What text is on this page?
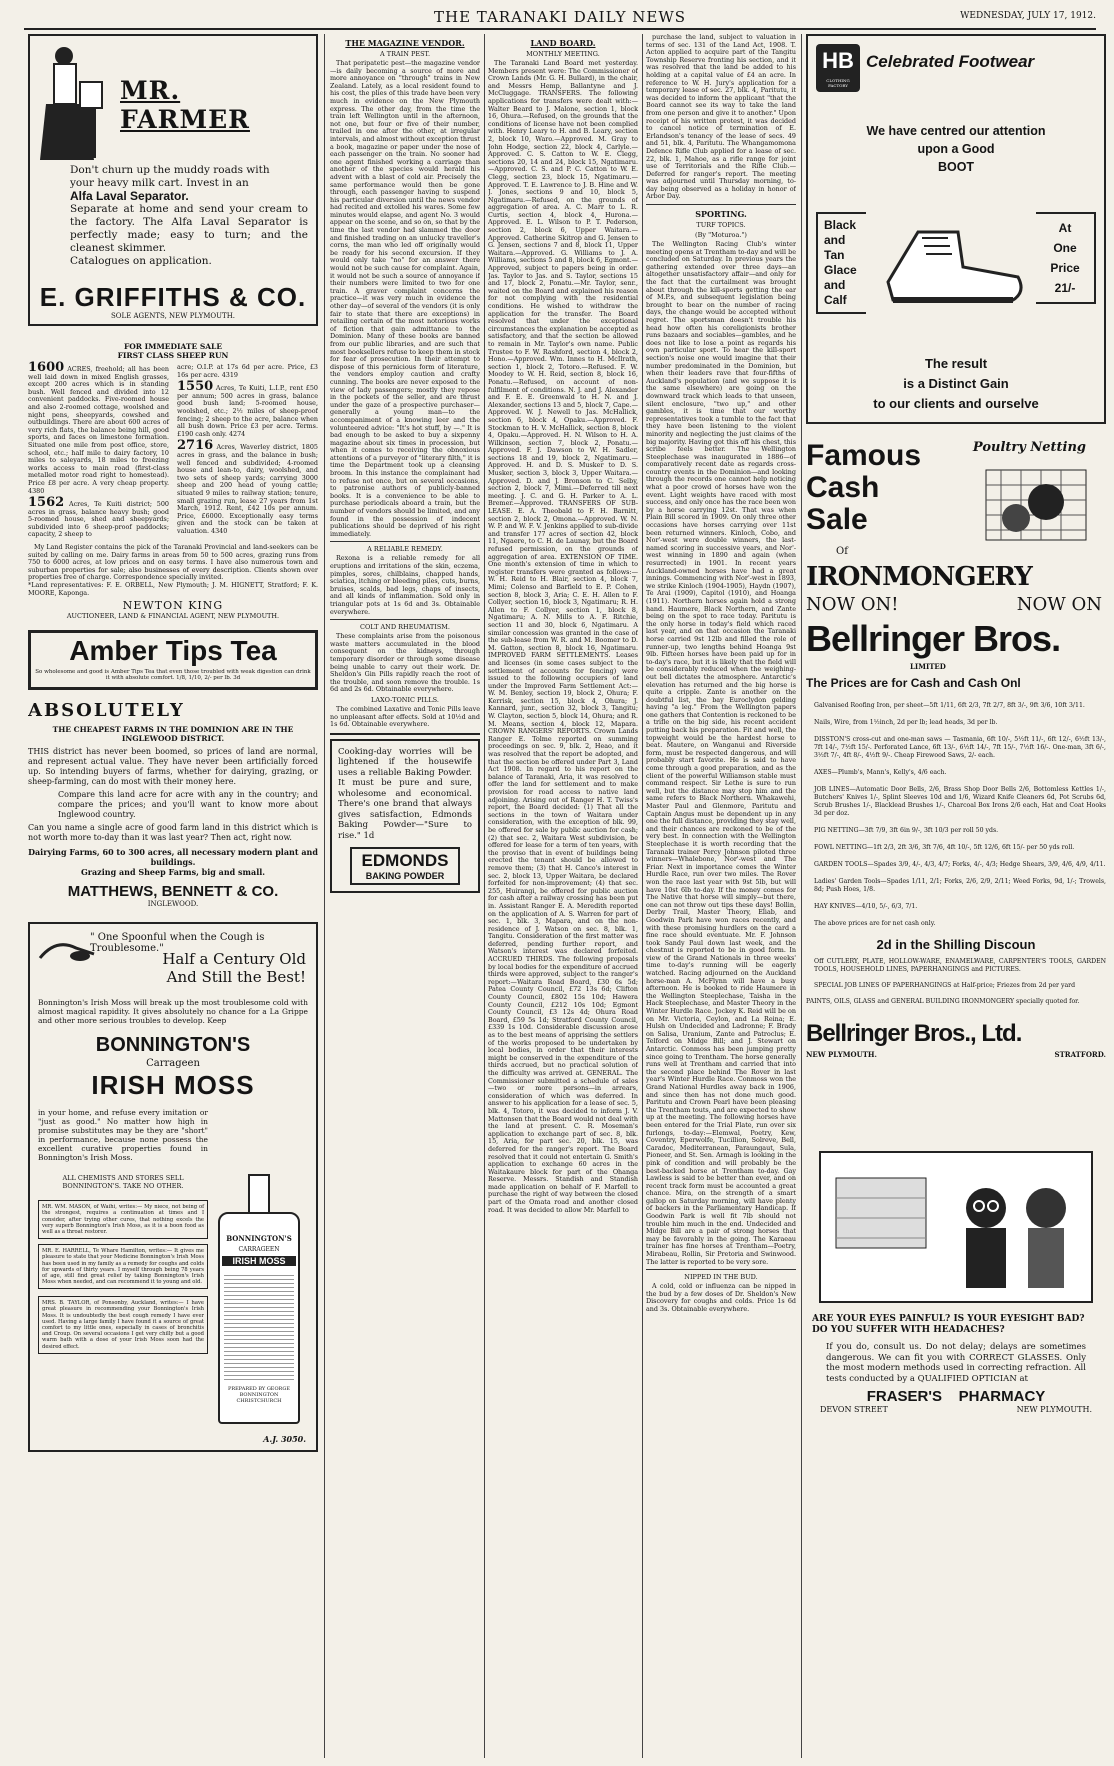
THE TARANAKI DAILY NEWS	WEDNESDAY, JULY 17, 1912.
MR. FARMER
Don't churn up the muddy roads with
your heavy milk cart. Invest in an
Alfa Laval Separator.
Separate at home and send your cream to the factory. The Alfa Laval Separator is perfectly made; easy to turn; and the cleanest skimmer.
Catalogues on application.
E. GRIFFITHS & CO.
SOLE AGENTS, NEW PLYMOUTH.
FOR IMMEDIATE SALE
FIRST CLASS SHEEP RUN
1600 ACRES, freehold; all has been well laid down in mixed English grasses, except 200 acres which is in standing bush. Well fenced and divided into 12 convenient paddocks. Five-roomed house and also 2-roomed cottage, woolshed and night pens, sheepyards, cowshed and outbuildings. There are about 600 acres of very rich flats, the balance being hill, good sports, and faces on limestone formation. Situated one mile from post office, store, school, etc.; half mile to dairy factory, 10 miles to saleyards, 18 miles to freezing works access to main road (first-class metalled motor road right to homestead). Price £8 per acre. A very cheap property. 4380
1562 Acres, Te Kuiti district; 500 acres in grass, balance heavy bush; good 5-roomed house, shed and sheepyards; subdivided into 6 sheep-proof paddocks; capacity, 2 sheep to
acre; O.I.P. at 17s 6d per acre. Price, £3 16s per acre. 4319
1550 Acres, Te Kuiti, L.I.P., rent £50 per annum; 500 acres in grass, balance good bush land; 5-roomed house, woolshed, etc.; 2½ miles of sheep-proof fencing; 2 sheep to the acre, balance when all bush down. Price £3 per acre. Terms. £190 cash only. 4274
2716 Acres, Waverley district, 1805 acres in grass, and the balance in bush; well fenced and subdivided; 4-roomed house and lean-to, dairy, woolshed, and two sets of sheep yards; carrying 3000 sheep and 200 head of young cattle; situated 9 miles to railway station; tenure, small grazing run, lease 27 years from 1st March, 1912. Rent, £42 10s per annum. Price, £6000. Exceptionally easy terms given and the stock can be taken at valuation. 4340
My Land Register contains the pick of the Taranaki Provincial and land-seekers can be suited by calling on me. Dairy farms in areas from 50 to 500 acres, grazing runs from 750 to 6000 acres, at low prices and on easy terms. I have also numerous town and suburban properties for sale; also businesses of every description. Clients shown over properties free of charge. Correspondence specially invited.
*Land representatives: F. E. ORBELL, New Plymouth; J. M. HIGNETT, Stratford; F. K. MOORE, Kaponga.
NEWTON KING
AUCTIONEER, LAND & FINANCIAL AGENT, NEW PLYMOUTH.
Amber Tips Tea
So wholesome and good is Amber Tips Tea that even those troubled with weak digestion can drink it with absolute comfort. 1/8, 1/10, 2/- per lb. 3d
ABSOLUTELY
THE CHEAPEST FARMS IN THE DOMINION ARE IN THE INGLEWOOD DISTRICT.
THIS district has never been boomed, so prices of land are normal, and represent actual value. They have never been artificially forced up. So intending buyers of farms, whether for dairying, grazing, or sheep-farming, can do most with their money here.
Compare this land acre for acre with any in the country; and compare the prices; and you'll want to know more about Inglewood country.
Can you name a single acre of good farm land in this district which is not worth more to-day than it was last year? Then act, right now.
Dairying Farms, 60 to 300 acres, all necessary modern plant and buildings.
Grazing and Sheep Farms, big and small.
MATTHEWS, BENNETT & CO.
INGLEWOOD.
" One Spoonful when the Cough is Troublesome."
Half a Century Old
And Still the Best!
Bonnington's Irish Moss will break up the most troublesome cold with almost magical rapidity. It gives absolutely no chance for a La Grippe and other more serious troubles to develop. Keep
BONNINGTON'S
Carrageen
IRISH MOSS
in your home, and refuse every imitation or "just as good." No matter how high in promise substitutes may be they are "short" in performance, because none possess the excellent curative properties found in Bonnington's Irish Moss.
ALL CHEMISTS AND STORES SELL BONNINGTON'S. TAKE NO OTHER.
MR. WM. MASON, of Waihi, writes:— My niece, not being of the strongest, requires a continuation at times and I consider, after trying other cures, that nothing excels the very superb Bonnington's Irish Moss, as it is a boon food as well as a throat restorer.
MR. E. HARRELL, Te Whare Hamilton, writes:— It gives me pleasure to state that your Medicine Bonnington's Irish Moss has been used in my family as a remedy for coughs and colds for upwards of thirty years. I myself through being 78 years of age, still find great relief by taking Bonnington's Irish Moss when needed, and can recommend it to young and old.
MRS. B. TAYLOR, of Ponsonby, Auckland, writes:— I have great pleasure in recommending your Bonnington's Irish Moss. It is undoubtedly the best cough remedy I have ever used. Having a large family I have found it a source of great comfort to my little ones, especially in cases of bronchitis and Croup. On several occasions I get very chilly but a good warm bath with a dose of your Irish Moss soon had the desired effect.
BONNINGTON'S
CARRAGEEN
IRISH MOSS
PREPARED BY GEORGE BONNINGTON CHRISTCHURCH
A.J. 3050.
THE MAGAZINE VENDOR.
A TRAIN PEST.
That peripatetic pest—the magazine vendor—is daily becoming a source of more and more annoyance on "through" trains in New Zealand. Lately, as a local resident found to his cost, the plies of this trade have been very much in evidence on the New Plymouth express. The other day, from the time the train left Wellington until in the afternoon, not one, but four or five of their number, trailed in one after the other, at irregular intervals, and almost without exception thrust a book, magazine or paper under the nose of each passenger on the train. No sooner had one agent finished working a carriage than another of the species would herald his advent with a blast of cold air. Precisely the same performance would then be gone through, each passenger having to suspend his particular diversion until the news vendor had recited and extolled his wares. Some few minutes would elapse, and agent No. 3 would appear on the scene, and so on, so that by the time the last vendor had slammed the door and finished trading on an unlucky traveller's corns, the man who led off originally would be ready for his second excursion. If they would only take "no" for an answer there would not be such cause for complaint. Again, it would not be such a source of annoyance if their numbers were limited to two for one train. A graver complaint concerns the practice—it was very much in evidence the other day—of several of the vendors (it is only fair to state that there are exceptions) in retailing certain of the most notorious works of fiction that gain admittance to the Dominion. Many of these books are banned from our public libraries, and are such that most booksellers refuse to keep them in stock for fear of prosecution. In their attempt to dispose of this pernicious form of literature, the vendors employ caution and crafty cunning. The books are never exposed to the view of lady passengers; mostly they repose in the pockets of the seller, and are thrust under the gaze of a prospective purchaser—generally a young man—to the accompaniment of a knowing leer and the volunteered advice: "It's hot stuff, by —." It is bad enough to be asked to buy a sixpenny magazine about six times in procession, but when it comes to receiving the obnoxious attentions of a purveyor of "literary filth," it is time the Department took up a cleansing broom. In this instance the complainant had to refuse not once, but on several occasions, to patronise authors of publicly-banned books. It is a convenience to be able to purchase periodicals aboard a train, but the number of vendors should be limited, and any found in the possession of indecent publications should be deprived of his right immediately.
A RELIABLE REMEDY.
Rexona is a reliable remedy for all eruptions and irritations of the skin, eczema, pimples, sores, chilblains, chapped hands, sciatica, itching or bleeding piles, cuts, burns, bruises, scalds, bad legs, chaps of insects, and all kinds of inflammation. Sold only in triangular pots at 1s 6d and 3s. Obtainable everywhere.
COLT AND RHEUMATISM.
These complaints arise from the poisonous waste matters accumulated in the blood consequent on the kidneys, through temporary disorder or through some disease being unable to carry out their work. Dr. Sheldon's Gin Pills rapidly reach the root of the trouble, and soon remove the trouble. 1s 6d and 2s 6d. Obtainable everywhere.
LAXO-TONIC PILLS.
The combined Laxative and Tonic Pills leave no unpleasant after effects. Sold at 10½d and 1s 6d. Obtainable everywhere.
Cooking-day worries will be lightened if the housewife uses a reliable Baking Powder. It must be pure and sure, wholesome and economical. There's one brand that always gives satisfaction, Edmonds Baking Powder—"Sure to rise." 1d
EDMONDS
BAKING POWDER
LAND BOARD.
MONTHLY MEETING.
The Taranaki Land Board met yesterday. Members present were: The Commissioner of Crown Lands (Mr. G. H. Bullard), in the chair, and Messrs Hemp, Ballantyne and J. McCluggage. TRANSFERS. The following applications for transfers were dealt with:— Walter Beard to J. Malone, section 1, block 16, Ohura.—Refused, on the grounds that the conditions of license have not been complied with. Henry Leary to H. and B. Leary, section 2, block 10, Waro.—Approved. M. Gray to John Hodge, section 22, block 4, Carlyle.—Approved. C. S. Catton to W. E. Clegg, sections 20, 14 and 24, block 15, Ngatimaru.—Approved. C. S. and P. C. Catton to W. E. Clegg, section 23, block 15, Ngatimaru.—Approved. T. E. Lawrence to J. B. Hine and W. J. Jones, sections 9 and 10, block 5, Ngatimaru.—Refused, on the grounds of aggregation of area. A. C. Marr to L. R. Curtis, section 4, block 4, Hurona.—Approved. E. L. Wilson to P. T. Pederson, section 2, block 6, Upper Waitara.—Approved. Catherine Skitrop and G. Jensen to G. Jensen, sections 7 and 8, block 11, Upper Waitara.—Approved. G. Williams to J. A. Williams, sections 5 and 8, block 6, Egmont.—Approved, subject to papers being in order. Jas. Taylor to Jas. and S. Taylor, sections 15 and 17, block 2, Ponatu.—Mr. Taylor, senr., waited on the Board and explained his reason for not complying with the residential conditions. He wished to withdraw the application for the transfer. The Board resolved that under the exceptional circumstances the explanation be accepted as satisfactory, and that the section be allowed to remain in Mr. Taylor's own name. Public Trustee to F. W. Rashford, section 4, block 2, Hono.—Approved. Wm. Innes to H. McIlrath, section 1, block 2, Totoro.—Refused. F. W. Moodey to W. H. Reid, section 8, block 16, Ponatu.—Refused, on account of non-fulfilment of conditions. N. J. and J. Alexander and F. E. E. Greenwald to H. N. and J. Alexander, sections 13 and 5, block 7, Cape.—Approved. W. J. Newell to Jas. McHallick, section 6, block 4, Opaku.—Approved. F. Stockman to H. V. McHallick, section 8, block 4, Opaku.—Approved. H. N. Wilson to H. A. Wilkinson, section 7, block 2, Ponatu.—Approved. F. J. Dawson to W. H. Sadler, sections 18 and 19, block 2, Ngatimaru.—Approved. H. and D. S. Musker to D. S. Musker, section 3, block 3, Upper Waitara.—Approved. D. and J. Bronson to C. Selby, section 2, block 7, Mimi.—Deferred till next meeting. J. C. and G. H. Parker to A. L. Bremer.—Approved. TRANSFERS OF SUB-LEASE. E. A. Theobald to F. H. Barnitt, section 2, block 2, Omona.—Approved. W. N. W. P. and W. F. V. Jenkins applied to sub-divide and transfer 177 acres of section 42, block 11, Ngaere, to C. H. de Launay, but the Board refused permission, on the grounds of aggregation of area. EXTENSION OF TIME. One month's extension of time in which to register transfers were granted as follows:—W. H. Reid to H. Blair, section 4, block 7, Mimi; Colenso and Barfield to E. P. Cohen, section 8, block 3, Aria; C. E. H. Allen to F. Collyer, section 16, block 3, Ngatimaru; R. H. Allen to F. Collyer, section 1, block 8, Ngatimaru; A. N. Mills to A. F. Ritchie, section 11 and 30, block 6, Ngatimaru. A similar concession was granted in the case of the sub-lease from W. R. and M. Boomer to D. M. Gatton, section 8, block 16, Ngatimaru. IMPROVED FARM SETTLEMENTS. Leases and licenses (in some cases subject to the settlement of accounts for fencing) were issued to the following occupiers of land under the Improved Farm Settlement Act:—W. M. Benley, section 19, block 2, Ohura; F. Kerrisk, section 15, block 4, Ohura; J. Kannard, junr., section 32, block 3, Tangitu; W. Clayton, section 5, block 14, Ohura; and R. M. Means, section 4, block 12, Mapara. CROWN RANGERS' REPORTS. Crown Lands Ranger E. Tolme reported on summing proceedings on sec. 9, blk. 2, Heao, and it was resolved that the report be adopted, and that the section be offered under Part 3, Land Act 1908. In regard to his report on the balance of Taranaki, Aria, it was resolved to offer the land for settlement and to make provision for road access to native land adjoining. Arising out of Ranger H. T. Twiss's report, the Board decided: (1) That all the sections in the town of Waitara under consideration, with the exception of blk. 99, be offered for sale by public auction for cash; (2) that sec. 2, Waitara West subdivision, be offered for lease for a term of ten years, with the proviso that in event of buildings being erected the tenant should be allowed to remove them; (3) that H. Canco's interest in sec. 2, block 13, Upper Waitara, be declared forfeited for non-improvement; (4) that sec. 255, Huirangi, be offered for public auction for cash after a railway crossing has been put in. Assistant Ranger E. A. Meredith reported on the application of A. S. Warren for part of sec. 1, blk. 3, Mapara, and on the non-residence of J. Watson on sec. 8, blk. 1, Tangitu. Consideration of the first matter was deferred, pending further report, and Watson's interest was declared forfeited. ACCRUED THIRDS. The following proposals by local bodies for the expenditure of accrued thirds were approved, subject to the ranger's report:—Waitara Road Board, £30 6s 5d; Patea County Council, £72 13s 6d; Clifton County Council, £802 15s 10d; Hawera County Council, £212 10s 10d; Egmont County Council, £3 12s 4d; Ohura Road Board, £59 5s 1d; Stratford County Council, £339 1s 10d. Considerable discussion arose as to the best means of apprising the settlers of the works proposed to be undertaken by local bodies, in order that their interests might be conserved in the expenditure of the thirds accrued, but no practical solution of the difficulty was arrived at. GENERAL. The Commissioner submitted a schedule of sales—two or more persons—in arrears, consideration of which was deferred. In answer to his application for a lease of sec. 5, blk. 4, Totoro, it was decided to inform J. V. Mattonsen that the Board would not deal with the land at present. C. R. Moseman's application to exchange part of sec. 8, blk. 15, Aria, for part sec. 20, blk. 15, was deferred for the ranger's report. The Board resolved that it could not entertain G. Smith's application to exchange 60 acres in the Waitakaure block for part of the Ohanga Reserve. Messrs. Standish and Standish made application on behalf of F. Marfell to purchase the right of way between the closed part of the Omata road and another closed road. It was decided to allow Mr. Marfell to
purchase the land, subject to valuation in terms of sec. 131 of the Land Act, 1908. T. Acton applied to acquire part of the Tangitu Township Reserve fronting his section, and it was resolved that the land be added to his holding at a capital value of £4 an acre. In reference to W. H. Jury's application for a temporary lease of sec. 27, blk. 4, Paritutu, it was decided to inform the applicant "that the Board cannot see its way to take the land from one person and give it to another." Upon receipt of his written protest, it was decided to cancel notice of termination of E. Erlandson's tenancy of the lease of secs. 49 and 51, blk. 4, Paritutu. The Whangamomona Defence Rifle Club applied for a lease of sec. 22, blk. 1, Mahoe, as a rifle range for joint use of Territorials and the Rifle Club.—Deferred for ranger's report. The meeting was adjourned until Thursday morning, to-day being observed as a holiday in honor of Arbor Day.
SPORTING.
TURF TOPICS.
(By "Moturoa.")
The Wellington Racing Club's winter meeting opens at Trentham to-day and will be concluded on Saturday. In previous years the gathering extended over three days—an altogether unsatisfactory affair—and only for the fact that the curtailment was brought about through the kill-sports getting the ear of M.P.s, and subsequent legislation being brought to bear on the number of racing days, the change would be accepted without regret. The sportsman doesn't trouble his head how often his coreligionists brother runs bazaars and sociables—gambles, and he does not like to lose a point as regards his own particular sport. To hear the kill-sport section's noise one would imagine that their number predominated in the Dominion, but when their leaders rave that four-fifths of Auckland's population (and we suppose it is the same elsewhere) are going on the downward track which leads to that unseen, silent enclosure, "two up," and other gambles, it is time that our worthy representatives took a tumble to the fact that they have been listening to the violent minority and neglecting the just claims of the big majority. Having got this off his chest, this scribe feels better. The Wellington Steeplechase was inaugurated in 1886—of comparatively recent date as regards cross-country events in the Dominion—and looking through the records one cannot help noticing what a poor crowd of horses have won the event. Light weights have raced with most success, and only once has the race been won by a horse carrying 12st. That was when Plain Bill scored in 1909. On only three other occasions have horses carrying over 11st been returned winners. Kinloch, Cobo, and Nor'-west were double winners, the last-named scoring in successive years, and Nor'-west winning in 1890 and again (when resurrected) in 1901. In recent years Auckland-owned horses have had a great innings. Commencing with Nor'-west in 1893, we strike Kinloch (1904-1905), Haydn (1907), Te Arai (1909), Capitol (1910), and Hoanga (1911). Northern horses again hold a strong hand. Haumere, Black Northern, and Zante being on the spot to race today. Paritutu is the only horse in today's field which raced last year, and on that occasion the Taranaki horse carried 9st 12lb and filled the role of runner-up, two lengths behind Hoanga 9st 9lb. Fifteen horses have been paid up for in to-day's race, but it is likely that the field will be considerably reduced when the weighing-out bell dictates the atmosphere. Antarctic's elevation has returned and the big horse is quite a cripple. Zante is another on the doubtful list, the bay Euroclydon gelding having "a leg." From the Wellington papers one gathers that Contention is reckoned to be a trifle on the big side, his recent accident putting back his preparation. Fit and well, the topweight would be the hardest horse to beat. Mautere, on Wanganui and Riverside form, must be respected dangerous, and will probably start favorite. He is said to have come through a good preparation, and as the client of the powerful Williamson stable must command respect. Sir Lethe is sure to run well, but the distance may stop him and the same refers to Black Northern. Whakawehi, Master Paul and Glenmore, Paritutu and Captain Angus must be dependent up in any one the full distance, providing they stay well, and their chances are reckoned to be of the very best. In connection with the Wellington Steeplechase it is worth recording that the Taranaki trainer Percy Johnson piloted three winners—Whalebone, Nor'-west and The Friar. Next in importance comes the Winter Hurdle Race, run over two miles. The Rover won the race last year with 9st 5lb, but will have 10st 6lb to-day. If the money comes for The Native that horse will simply—but there, one can not throw out tips these days! Bollin, Derby Trail, Master Theory, Eliab, and Goodwin Park have won races recently, and with these promising hurdlers on the card a fine race should eventuate. Mr. F. Johnson took Sandy Paul down last week, and the chestnut is reported to be in good form. In view of the Grand Nationals in three weeks' time to-day's running will be eagerly watched. Racing adjourned on the Auckland horse-man A. McFlynn will have a busy afternoon. He is booked to ride Haumere in the Wellington Steeplechase, Taisha in the Hack Steeplechase, and Master Theory in the Winter Hurdle Race. Jockey K. Reid will be on on Mr. Victoria, Ceylon, and La Reina; E. Hulsh on Undecided and Ladronne; F. Brady on Salisa, Uranium, Zante and Patroclus; E. Telford on Midge Bill; and J. Stewart on Antarctic. Conmoss has been jumping pretty since going to Trentham. The horse generally runs well at Trentham and carried that into the second place behind The Rover in last year's Winter Hurdle Race. Conmoss won the Grand National Hurdles away back in 1906, and since then has not done much good. Paritutu and Crown Pearl have been pleasing the Trentham touts, and are expected to show up at the meeting. The following horses have been entered for the Trial Plate, run over six furlongs, to-day:—Elemwal, Poetry, Kew, Coventry, Eperwolfe, Tucillion, Solreve, Bell, Caradoc, Mediterranean, Paraungaut, Sula, Pioneer, and St. Sen. Armagh is looking in the pink of condition and will probably be the best-backed horse at Trentham to-day. Gay Lawless is said to be better than ever, and on recent track form must be accounted a great chance. Mira, on the strength of a smart gallop on Saturday morning, will have plenty of backers in the Parliamentary Handicap. If Goodwin Park is well fit 7lb should not trouble him much in the end. Undecided and Midge Bill are a pair of strong horses that may be favorably in the going. The Karaeau trainer has fine horses at Trentham—Poetry, Mirabeau, Rollin, Sir Pretoria and Swinwood. The latter is reported to be very sore.
NIPPED IN THE BUD.
A cold, cold or influenza can be nipped in the bud by a few doses of Dr. Sheldon's New Discovery for coughs and colds. Price 1s 6d and 3s. Obtainable everywhere.
HB
CLOTHING FACTORY
Celebrated Footwear
We have centred our attention
upon a Good
BOOT
Black
and
Tan
Glace
and
Calf
At
One
Price
21/-
The result
is a Distinct Gain
to our clients and ourselve
Famous
Cash
Sale
Of
Poultry Netting
IRONMONGERY
NOW ON!	NOW ON
Bellringer Bros.
LIMITED
The Prices are for Cash and Cash Onl
Galvanised Roofing Iron, per sheet—5ft 1/11, 6ft 2/3, 7ft 2/7, 8ft 3/-, 9ft 3/6, 10ft 3/11.
Nails, Wire, from 1½inch, 2d per lb; lead heads, 3d per lb.
DISSTON'S cross-cut and one-man saws — Tasmania, 6ft 10/-, 5½ft 11/-, 6ft 12/-, 6½ft 13/-, 7ft 14/-, 7½ft 15/-. Perforated Lance, 6ft 13/-, 6½ft 14/-, 7ft 15/-, 7½ft 16/-. One-man, 3ft 6/-, 3½ft 7/-, 4ft 8/-, 4½ft 9/-. Cheap Firewood Saws, 2/- each.
AXES—Plumb's, Mann's, Kelly's, 4/6 each.
JOB LINES—Automatic Door Bells, 2/6, Brass Shop Door Bells 2/6, Bottomless Kettles 1/-, Butchers' Knives 1/-, Splint Sleeves 10d and 1/6, Wizard Knife Cleaners 6d, Pot Scrubs 6d, Scrub Brushes 1/-, Blacklead Brushes 1/-, Charcoal Box Irons 2/6 each, Hat and Coat Hooks 3d per doz.
PIG NETTING—3ft 7/9, 3ft 6in 9/-, 3ft 10/3 per roll 50 yds.
FOWL NETTING—1ft 2/3, 2ft 3/6, 3ft 7/6, 4ft 10/-, 5ft 12/6, 6ft 15/- per 50 yds roll.
GARDEN TOOLS—Spades 3/9, 4/-, 4/3, 4/7; Forks, 4/-, 4/3; Hedge Shears, 3/9, 4/6, 4/9, 4/11.
Ladies' Garden Tools—Spades 1/11, 2/1; Forks, 2/6, 2/9, 2/11; Weed Forks, 9d, 1/-; Trowels, 8d; Push Hoes, 1/8.
HAY KNIVES—4/10, 5/-, 6/3, 7/1.
The above prices are for net cash only.
2d in the Shilling Discoun
Off CUTLERY, PLATE, HOLLOW-WARE, ENAMELWARE, CARPENTER'S TOOLS, GARDEN TOOLS, HOUSEHOLD LINES, PAPERHANGINGS and PICTURES.
SPECIAL JOB LINES OF PAPERHANGINGS at Half-price; Friezes from 2d per yard
PAINTS, OILS, GLASS and GENERAL BUILDING IRONMONGERY specially quoted for.
Bellringer Bros., Ltd.
NEW PLYMOUTH.	STRATFORD.
ARE YOUR EYES PAINFUL? IS YOUR EYESIGHT BAD? DO YOU SUFFER WITH HEADACHES?
If you do, consult us. Do not delay; delays are sometimes dangerous. We can fit you with CORRECT GLASSES. Only the most modern methods used in correcting refraction. All tests conducted by a QUALIFIED OPTICIAN at
FRASER'S    PHARMACY
DEVON STREET	NEW PLYMOUTH.
